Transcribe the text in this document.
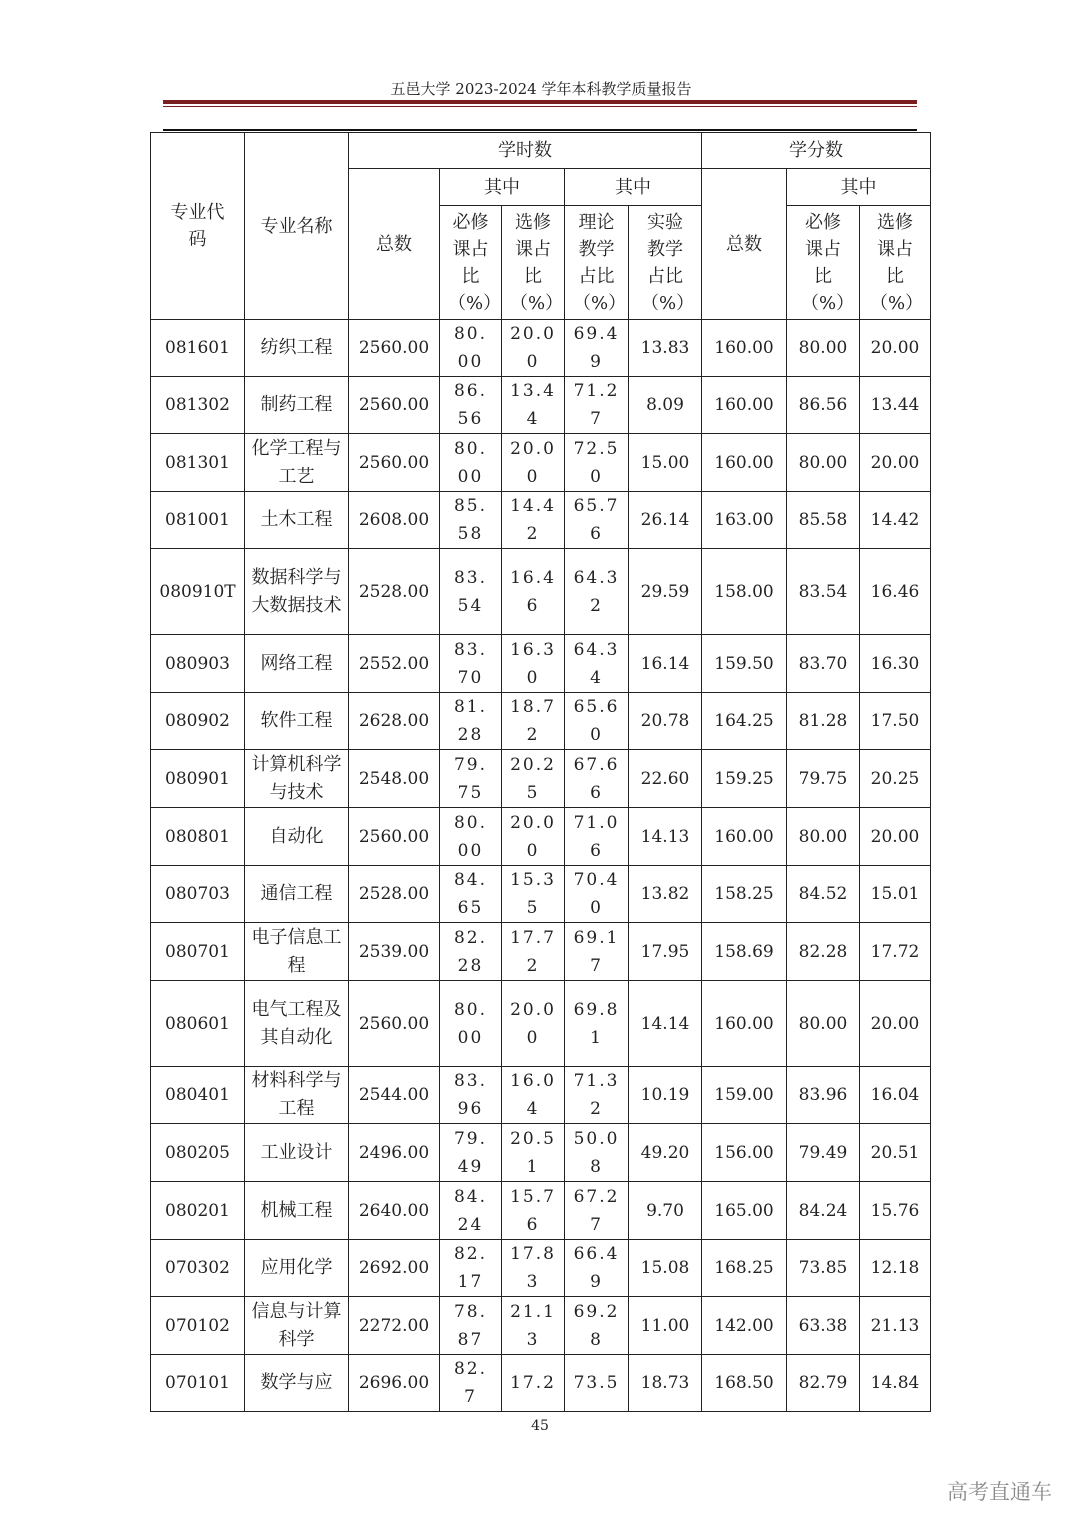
五邑大学 2023-2024 学年本科教学质量报告
专业代码	专业名称	学时数					学分数		
		总数	其中		其中		总数	其中	
			必修课占比（%）	选修课占比（%）	理论教学占比（%）	实验教学占比（%）		必修课占比（%）	选修课占比（%）
081601	纺织工程	2560.00	80.00	20.00	69.49	13.83	160.00	80.00	20.00
081302	制药工程	2560.00	86.56	13.44	71.27	8.09	160.00	86.56	13.44
081301	化学工程与工艺	2560.00	80.00	20.00	72.50	15.00	160.00	80.00	20.00
081001	土木工程	2608.00	85.58	14.42	65.76	26.14	163.00	85.58	14.42
080910T	数据科学与大数据技术	2528.00	83.54	16.46	64.32	29.59	158.00	83.54	16.46
080903	网络工程	2552.00	83.70	16.30	64.34	16.14	159.50	83.70	16.30
080902	软件工程	2628.00	81.28	18.72	65.60	20.78	164.25	81.28	17.50
080901	计算机科学与技术	2548.00	79.75	20.25	67.66	22.60	159.25	79.75	20.25
080801	自动化	2560.00	80.00	20.00	71.06	14.13	160.00	80.00	20.00
080703	通信工程	2528.00	84.65	15.35	70.40	13.82	158.25	84.52	15.01
080701	电子信息工程	2539.00	82.28	17.72	69.17	17.95	158.69	82.28	17.72
080601	电气工程及其自动化	2560.00	80.00	20.00	69.81	14.14	160.00	80.00	20.00
080401	材料科学与工程	2544.00	83.96	16.04	71.32	10.19	159.00	83.96	16.04
080205	工业设计	2496.00	79.49	20.51	50.08	49.20	156.00	79.49	20.51
080201	机械工程	2640.00	84.24	15.76	67.27	9.70	165.00	84.24	15.76
070302	应用化学	2692.00	82.17	17.83	66.49	15.08	168.25	73.85	12.18
070102	信息与计算科学	2272.00	78.87	21.13	69.28	11.00	142.00	63.38	21.13
070101	数学与应	2696.00	82.7	17.2	73.5	18.73	168.50	82.79	14.84
45
高考直通车
